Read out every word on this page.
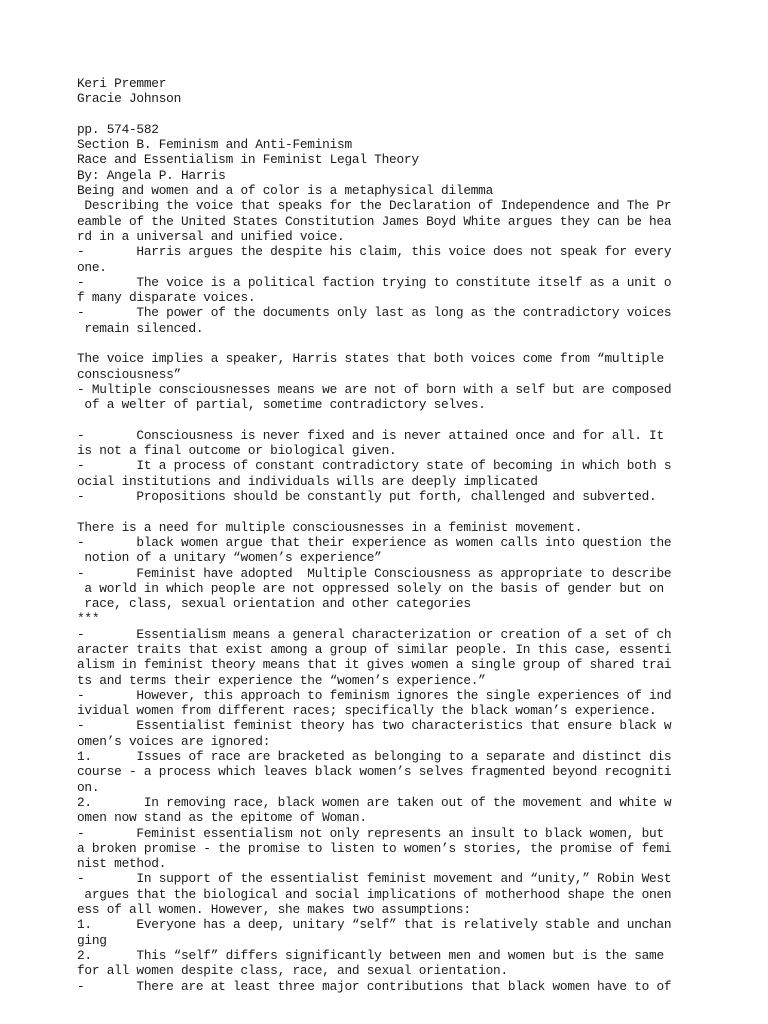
Keri Premmer
Gracie Johnson
pp. 574-582
Section B. Feminism and Anti-Feminism
Race and Essentialism in Feminist Legal Theory
By: Angela P. Harris
Being and women and a of color is a metaphysical dilemma
Describing the voice that speaks for the Declaration of Independence and The Pr
eamble of the United States Constitution James Boyd White argues they can be hea
rd in a universal and unified voice.
-       Harris argues the despite his claim, this voice does not speak for every
one.
-       The voice is a political faction trying to constitute itself as a unit o
f many disparate voices.
-       The power of the documents only last as long as the contradictory voices
remain silenced.
The voice implies a speaker, Harris states that both voices come from “multiple
consciousness”
- Multiple consciousnesses means we are not of born with a self but are composed
of a welter of partial, sometime contradictory selves.
-       Consciousness is never fixed and is never attained once and for all. It
is not a final outcome or biological given.
-       It a process of constant contradictory state of becoming in which both s
ocial institutions and individuals wills are deeply implicated
-       Propositions should be constantly put forth, challenged and subverted.
There is a need for multiple consciousnesses in a feminist movement.
-       black women argue that their experience as women calls into question the
notion of a unitary “women’s experience”
-       Feminist have adopted  Multiple Consciousness as appropriate to describe
a world in which people are not oppressed solely on the basis of gender but on
race, class, sexual orientation and other categories
***
-       Essentialism means a general characterization or creation of a set of ch
aracter traits that exist among a group of similar people. In this case, essenti
alism in feminist theory means that it gives women a single group of shared trai
ts and terms their experience the “women’s experience.”
-       However, this approach to feminism ignores the single experiences of ind
ividual women from different races; specifically the black woman’s experience.
-       Essentialist feminist theory has two characteristics that ensure black w
omen’s voices are ignored:
1.      Issues of race are bracketed as belonging to a separate and distinct dis
course - a process which leaves black women’s selves fragmented beyond recogniti
on.
2.       In removing race, black women are taken out of the movement and white w
omen now stand as the epitome of Woman.
-       Feminist essentialism not only represents an insult to black women, but
a broken promise - the promise to listen to women’s stories, the promise of femi
nist method.
-       In support of the essentialist feminist movement and “unity,” Robin West
argues that the biological and social implications of motherhood shape the onen
ess of all women. However, she makes two assumptions:
1.      Everyone has a deep, unitary “self” that is relatively stable and unchan
ging
2.      This “self” differs significantly between men and women but is the same
for all women despite class, race, and sexual orientation.
-       There are at least three major contributions that black women have to of
